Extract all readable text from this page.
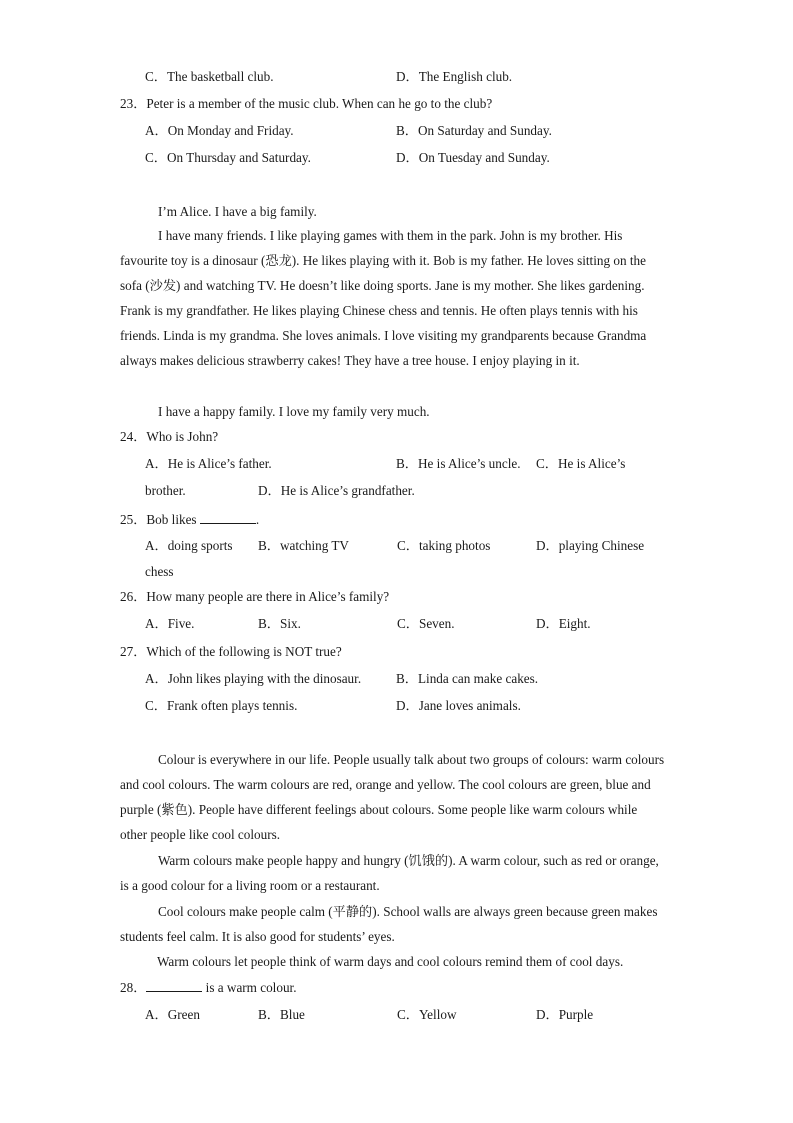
C．The basketball club.	D．The English club.
23．Peter is a member of the music club. When can he go to the club?
A．On Monday and Friday.	B．On Saturday and Sunday.
C．On Thursday and Saturday.	D．On Tuesday and Sunday.
I’m Alice. I have a big family.
I have many friends. I like playing games with them in the park. John is my brother. His favourite toy is a dinosaur (恐龙). He likes playing with it. Bob is my father. He loves sitting on the sofa (沙发) and watching TV. He doesn’t like doing sports. Jane is my mother. She likes gardening. Frank is my grandfather. He likes playing Chinese chess and tennis. He often plays tennis with his friends. Linda is my grandma. She loves animals. I love visiting my grandparents because Grandma always makes delicious strawberry cakes! They have a tree house. I enjoy playing in it.
I have a happy family. I love my family very much.
24．Who is John?
A．He is Alice’s father.	B．He is Alice’s uncle. C．He is Alice’s
brother.	D．He is Alice’s grandfather.
25．Bob likes	.
A．doing sports B．watching TV	C．taking photos	D．playing Chinese
chess
26．How many people are there in Alice’s family?
A．Five.	B．Six.	C．Seven.	D．Eight.
27．Which of the following is NOT true?
A．John likes playing with the dinosaur.	B．Linda can make cakes.
C．Frank often plays tennis.	D．Jane loves animals.
Colour is everywhere in our life. People usually talk about two groups of colours: warm colours and cool colours. The warm colours are red, orange and yellow. The cool colours are green, blue and purple (紫色). People have different feelings about colours. Some people like warm colours while other people like cool colours.
Warm colours make people happy and hungry (饥饿的). A warm colour, such as red or orange, is a good colour for a living room or a restaurant.
Cool colours make people calm (平静的). School walls are always green because green makes students feel calm. It is also good for students’ eyes.
Warm colours let people think of warm days and cool colours remind them of cool days.
28．	is a warm colour.
A．Green	B．Blue	C．Yellow	D．Purple
